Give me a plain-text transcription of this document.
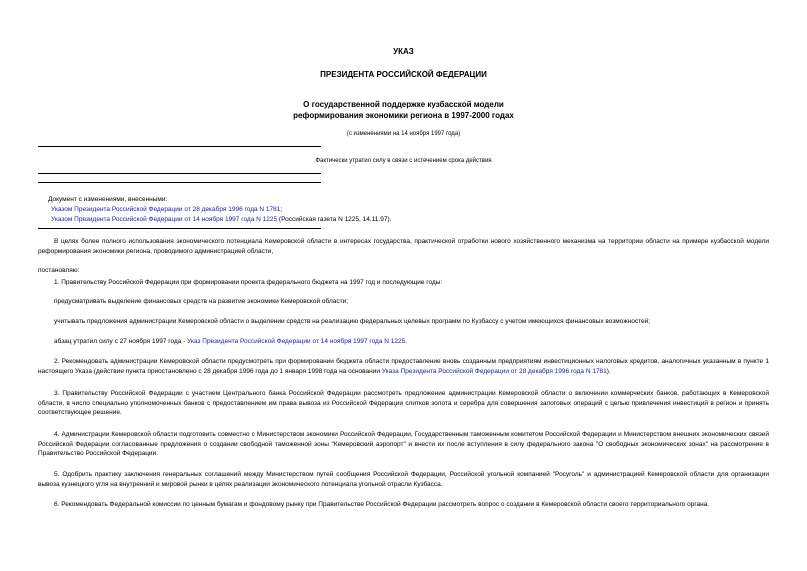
УКАЗ
ПРЕЗИДЕНТА РОССИЙСКОЙ ФЕДЕРАЦИИ
О государственной поддержке кузбасской модели
реформирования экономики региона в 1997-2000 годах
(с изменениями на 14 ноября 1997 года)
Фактически утратил силу в связи с истечением срока действия
Документ с изменениями, внесенными:
Указом Президента Российской Федерации от 28 декабря 1996 года N 1781;
Указом Президента Российской Федерации от 14 ноября 1997 года N 1225 (Российская газета N 1225, 14.11.97).
В целях более полного использования экономического потенциала Кемеровской области в интересах государства, практической отработки нового хозяйственного механизма на территории области на примере кузбасской модели реформирования экономики региона, проводимого администрацией области,
постановляю:
1. Правительству Российской Федерации при формировании проекта федерального бюджета на 1997 год и последующие годы:
предусматривать выделение финансовых средств на развитие экономики Кемеровской области;
учитывать предложения администрации Кемеровской области о выделении средств на реализацию федеральных целевых программ по Кузбассу с учетом имеющихся финансовых возможностей;
абзац утратил силу с 27 ноября 1997 года - Указ Президента Российской Федерации от 14 ноября 1997 года N 1225.
2. Рекомендовать администрации Кемеровской области предусмотреть при формировании бюджета области предоставление вновь созданным предприятиям инвестиционных налоговых кредитов, аналогичных указанным в пункте 1 настоящего Указа (действие пункта приостановлено с 28 декабря 1996 года до 1 января 1998 года на основании Указа Президента Российской Федерации от 28 декабря 1996 года N 1781).
3. Правительству Российской Федерации с участием Центрального банка Российской Федерации рассмотреть предложение администрации Кемеровской области о включении коммерческих банков, работающих в Кемеровской области, в число специально уполномоченных банков с предоставлением им права вывоза из Российской Федерации слитков золота и серебра для совершения залоговых операций с целью привлечения инвестиций в регион и принять соответствующее решение.
4. Администрации Кемеровской области подготовить совместно с Министерством экономики Российской Федерации, Государственным таможенным комитетом Российской Федерации и Министерством внешних экономических связей Российской Федерации согласованные предложения о создании свободной таможенной зоны "Кемеровский аэропорт" и внести их после вступления в силу федерального закона "О свободных экономических зонах" на рассмотрение в Правительство Российской Федерации.
5. Одобрить практику заключения генеральных соглашений между Министерством путей сообщения Российской Федерации, Российской угольной компанией "Росуголь" и администрацией Кемеровской области для организации вывоза кузнецкого угля на внутренний и мировой рынки в целях реализации экономического потенциала угольной отрасли Кузбасса.
6. Рекомендовать Федеральной комиссии по ценным бумагам и фондовому рынку при Правительстве Российской Федерации рассмотреть вопрос о создании в Кемеровской области своего территориального органа.
